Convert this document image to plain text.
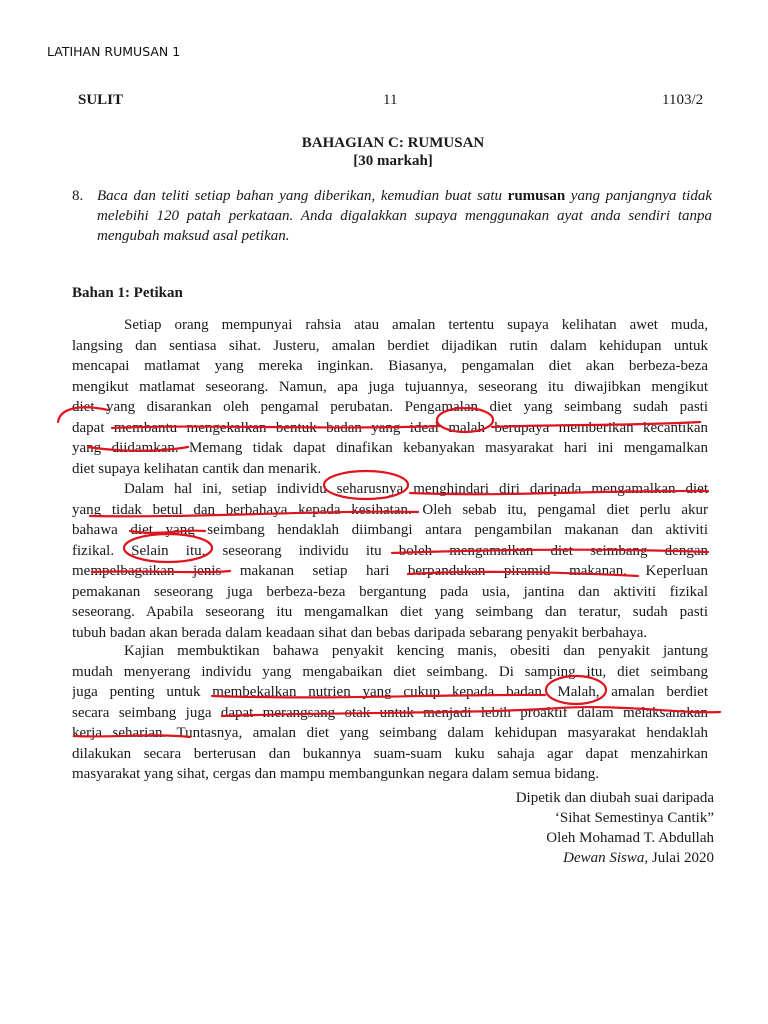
LATIHAN RUMUSAN 1
SULIT	11	1103/2
BAHAGIAN C: RUMUSAN
[30 markah]
8. Baca dan teliti setiap bahan yang diberikan, kemudian buat satu rumusan yang panjangnya tidak melebihi 120 patah perkataan. Anda digalakkan supaya menggunakan ayat anda sendiri tanpa mengubah maksud asal petikan.
Bahan 1: Petikan
Setiap orang mempunyai rahsia atau amalan tertentu supaya kelihatan awet muda,
langsing dan sentiasa sihat. Justeru, amalan berdiet dijadikan rutin dalam kehidupan untuk
mencapai matlamat yang mereka inginkan. Biasanya, pengamalan diet akan berbeza-beza
mengikut matlamat seseorang. Namun, apa juga tujuannya, seseorang itu diwajibkan mengikut
diet yang disarankan oleh pengamal perubatan. Pengamalan diet yang seimbang sudah pasti
dapat membantu mengekalkan bentuk badan yang ideal malah berupaya memberikan kecantikan
yang diidamkan. Memang tidak dapat dinafikan kebanyakan masyarakat hari ini mengamalkan
diet supaya kelihatan cantik dan menarik.
Dalam hal ini, setiap individu seharusnya menghindari diri daripada mengamalkan diet
yang tidak betul dan berbahaya kepada kesihatan. Oleh sebab itu, pengamal diet perlu akur
bahawa diet yang seimbang hendaklah diimbangi antara pengambilan makanan dan aktiviti
fizikal. Selain itu, seseorang individu itu boleh mengamalkan diet seimbang dengan
mempelbagaikan jenis makanan setiap hari berpandukan piramid makanan. Keperluan
pemakanan seseorang juga berbeza-beza bergantung pada usia, jantina dan aktiviti fizikal
seseorang. Apabila seseorang itu mengamalkan diet yang seimbang dan teratur, sudah pasti
tubuh badan akan berada dalam keadaan sihat dan bebas daripada sebarang penyakit berbahaya.
Kajian membuktikan bahawa penyakit kencing manis, obesiti dan penyakit jantung
mudah menyerang individu yang mengabaikan diet seimbang. Di samping itu, diet seimbang
juga penting untuk membekalkan nutrien yang cukup kepada badan. Malah, amalan berdiet
secara seimbang juga dapat merangsang otak untuk menjadi lebih proaktif dalam melaksanakan
kerja seharian. Tuntasnya, amalan diet yang seimbang dalam kehidupan masyarakat hendaklah
dilakukan secara berterusan dan bukannya suam-suam kuku sahaja agar dapat menzahirkan
masyarakat yang sihat, cergas dan mampu membangunkan negara dalam semua bidang.
Dipetik dan diubah suai daripada
‘Sihat Semestinya Cantik”
Oleh Mohamad T. Abdullah
Dewan Siswa, Julai 2020
